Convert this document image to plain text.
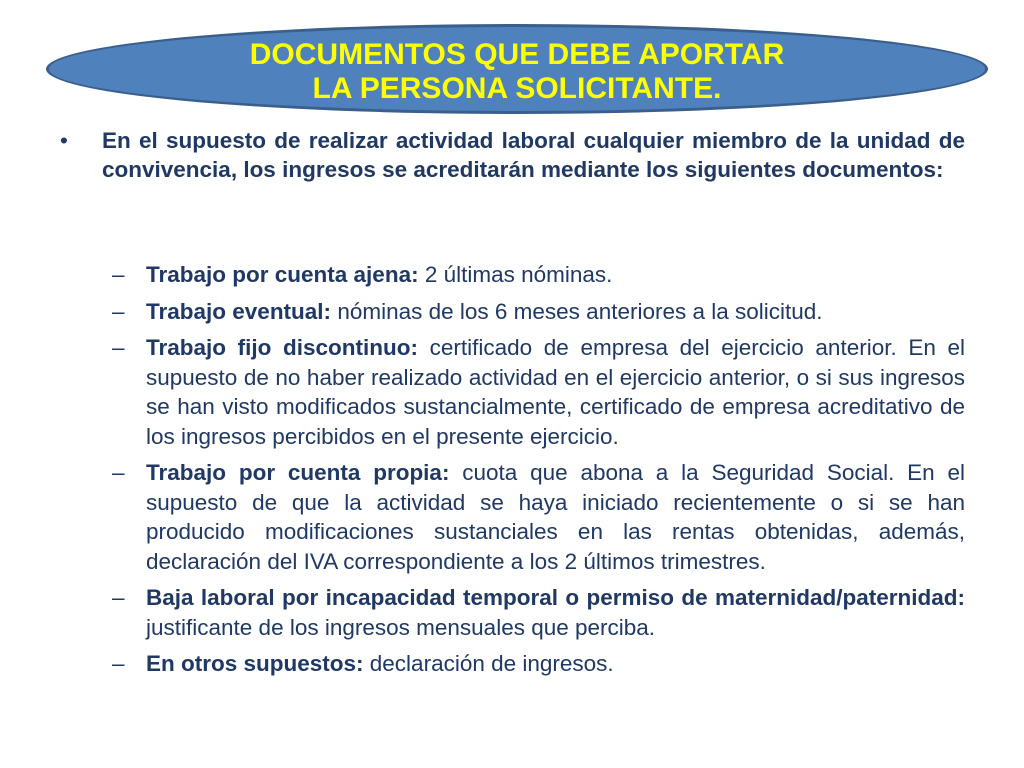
DOCUMENTOS QUE DEBE APORTAR
LA PERSONA SOLICITANTE.
•	En el supuesto de realizar actividad laboral cualquier miembro de la unidad de convivencia, los ingresos se acreditarán mediante los siguientes documentos:
– Trabajo por cuenta ajena: 2 últimas nóminas.
– Trabajo eventual: nóminas de los 6 meses anteriores a la solicitud.
– Trabajo fijo discontinuo: certificado de empresa del ejercicio anterior. En el supuesto de no haber realizado actividad en el ejercicio anterior, o si sus ingresos se han visto modificados sustancialmente, certificado de empresa acreditativo de los ingresos percibidos en el presente ejercicio.
– Trabajo por cuenta propia: cuota que abona a la Seguridad Social. En el supuesto de que la actividad se haya iniciado recientemente o si se han producido modificaciones sustanciales en las rentas obtenidas, además, declaración del IVA correspondiente a los 2 últimos trimestres.
– Baja laboral por incapacidad temporal o permiso de maternidad/paternidad: justificante de los ingresos mensuales que perciba.
– En otros supuestos: declaración de ingresos.
